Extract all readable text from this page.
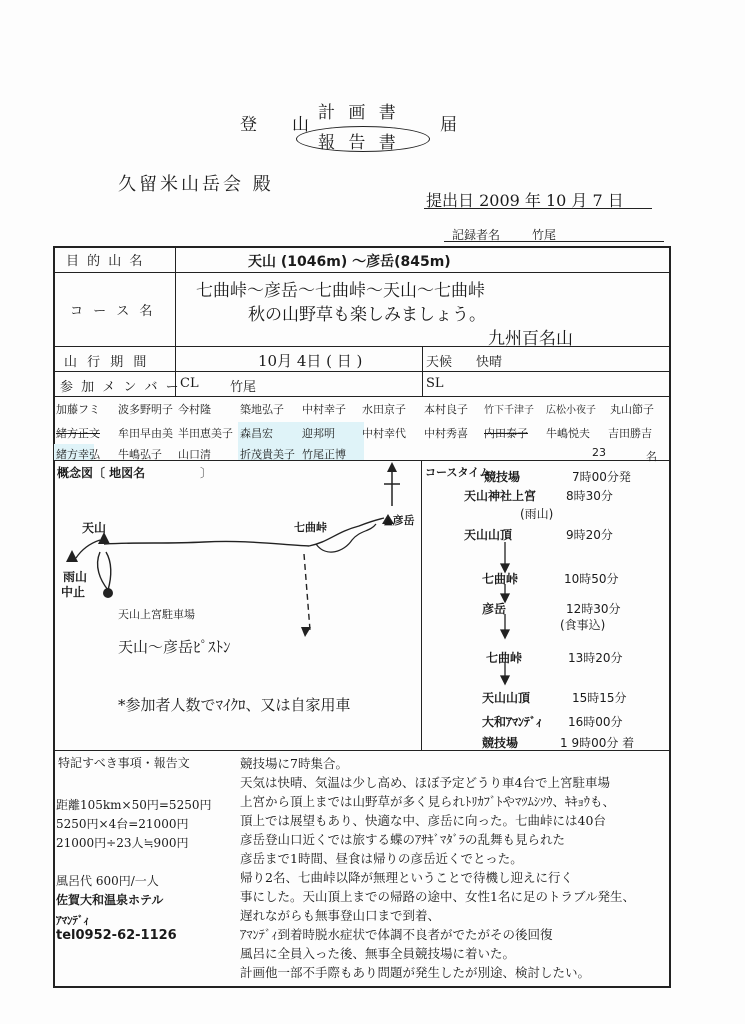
登 山
計 画 書
届
報 告 書
久留米山岳会 殿
提出日 2009 年 10 月 7 日
記録者名	竹尾
目 的 山 名	天山 (1046m) ～彦岳(845m)
コ ー ス 名
七曲峠～彦岳～七曲峠～天山～七曲峠
秋の山野草も楽しみましょう。
九州百名山
山 行 期 間	10月 4日 ( 日 )	天候 快晴
参 加 メ ン バ ー CL 竹尾	SL
加藤フミ 波多野明子 今村隆	築地弘子 中村幸子 水田京子 本村良子 竹下千津子 広松小夜子 丸山節子
緒方正文 牟田早由美 半田恵美子 森昌宏	迎邦明 中村幸代 中村秀喜 内田泰子 牛嶋悦夫 吉田勝吉
緒方幸弘 牛嶋弘子 山口清	折茂貴美子 竹尾正博	23	名
概念図〔 地図名	〕
天山	七曲峠
▲彦岳
雨山
中止
天山上宮駐車場
天山～彦岳ﾋﾟｽﾄﾝ
*参加者人数でﾏｲｸﾛ、又は自家用車
コースタイム
競技場	7時00分発
天山神社上宮 8時30分
(雨山)
天山山頂	9時20分
七曲峠	10時50分
彦岳	12時30分
(食事込)
七曲峠	13時20分
天山山頂	15時15分
大和ｱﾏﾝﾃﾞｨ 16時00分
競技場	1 9時00分 着
特記すべき事項・報告文
距離105km×50円=5250円
5250円×4台=21000円
21000円÷23人≒900円
風呂代 600円/一人
佐賀大和温泉ホテル
ｱﾏﾝﾃﾞｨ
tel0952-62-1126
競技場に7時集合。
天気は快晴、気温は少し高め、ほぼ予定どうり車4台で上宮駐車場
上宮から頂上までは山野草が多く見られﾄﾘｶﾌﾞﾄやﾏﾂﾑｼｿｳ、ｷｷｮｳも、
頂上では展望もあり、快適な中、彦岳に向った。七曲峠には40台
彦岳登山口近くでは旅する蝶のｱｻｷﾞﾏﾀﾞﾗの乱舞も見られた
彦岳まで1時間、昼食は帰りの彦岳近くでとった。
帰り2名、七曲峠以降が無理ということで待機し迎えに行く
事にした。天山頂上までの帰路の途中、女性1名に足のトラブル発生、
遅れながらも無事登山口まで到着、
ｱﾏﾝﾃﾞｨ到着時脱水症状で体調不良者がでたがその後回復
風呂に全員入った後、無事全員競技場に着いた。
計画他一部不手際もあり問題が発生したが別途、検討したい。
